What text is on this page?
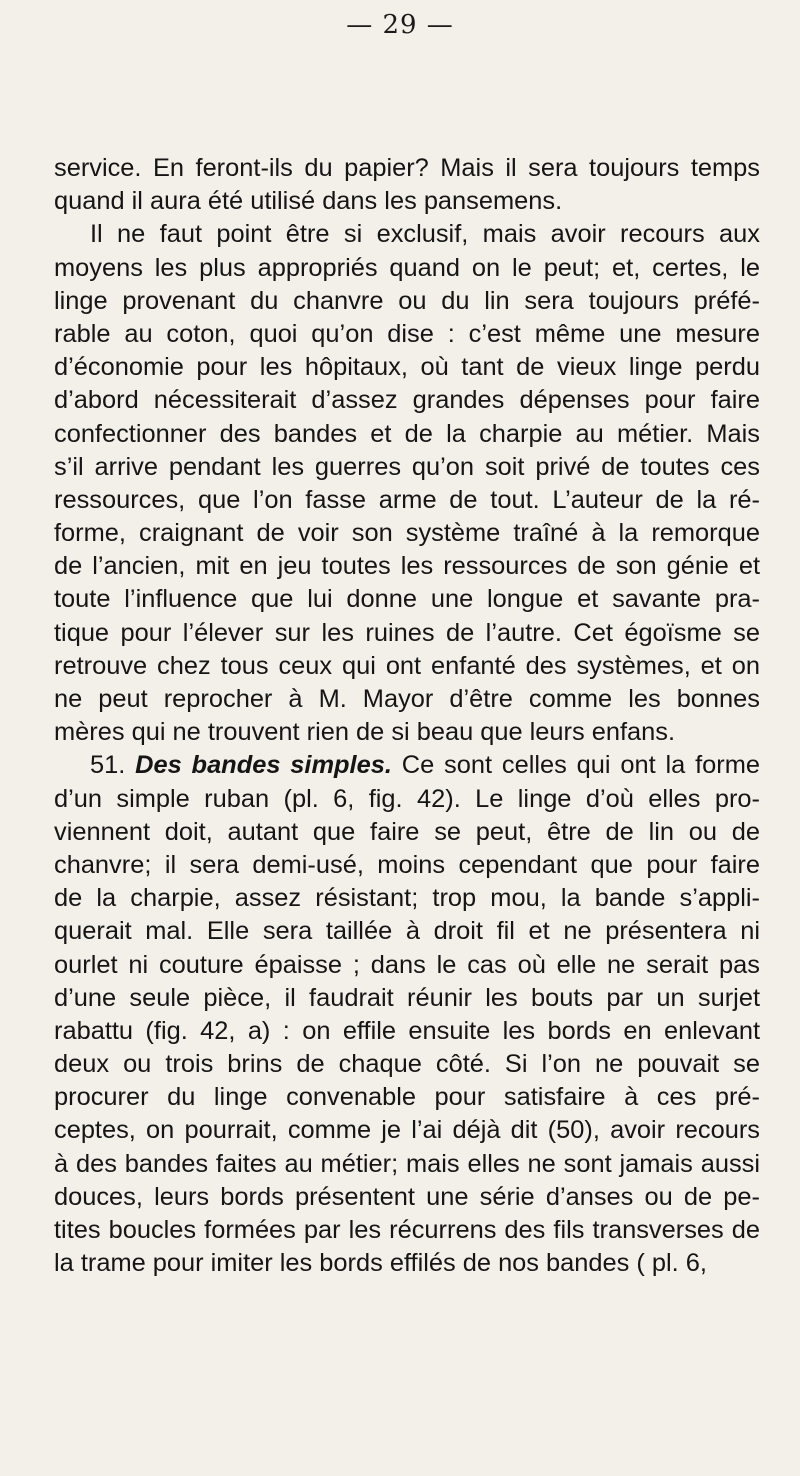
— 29 —
service. En feront-ils du papier? Mais il sera toujours temps
quand il aura été utilisé dans les pansemens.
Il ne faut point être si exclusif, mais avoir recours aux
moyens les plus appropriés quand on le peut; et, certes, le
linge provenant du chanvre ou du lin sera toujours préfé-
rable au coton, quoi qu’on dise : c’est même une mesure
d’économie pour les hôpitaux, où tant de vieux linge perdu
d’abord nécessiterait d’assez grandes dépenses pour faire
confectionner des bandes et de la charpie au métier. Mais
s’il arrive pendant les guerres qu’on soit privé de toutes ces
ressources, que l’on fasse arme de tout. L’auteur de la ré-
forme, craignant de voir son système traîné à la remorque
de l’ancien, mit en jeu toutes les ressources de son génie et
toute l’influence que lui donne une longue et savante pra-
tique pour l’élever sur les ruines de l’autre. Cet égoïsme se
retrouve chez tous ceux qui ont enfanté des systèmes, et on
ne peut reprocher à M. Mayor d’être comme les bonnes
mères qui ne trouvent rien de si beau que leurs enfans.
51. Des bandes simples. Ce sont celles qui ont la forme
d’un simple ruban (pl. 6, fig. 42). Le linge d’où elles pro-
viennent doit, autant que faire se peut, être de lin ou de
chanvre; il sera demi-usé, moins cependant que pour faire
de la charpie, assez résistant; trop mou, la bande s’appli-
querait mal. Elle sera taillée à droit fil et ne présentera ni
ourlet ni couture épaisse ; dans le cas où elle ne serait pas
d’une seule pièce, il faudrait réunir les bouts par un surjet
rabattu (fig. 42, a) : on effile ensuite les bords en enlevant
deux ou trois brins de chaque côté. Si l’on ne pouvait se
procurer du linge convenable pour satisfaire à ces pré-
ceptes, on pourrait, comme je l’ai déjà dit (50), avoir recours
à des bandes faites au métier; mais elles ne sont jamais aussi
douces, leurs bords présentent une série d’anses ou de pe-
tites boucles formées par les récurrens des fils transverses de
la trame pour imiter les bords effilés de nos bandes ( pl. 6,
